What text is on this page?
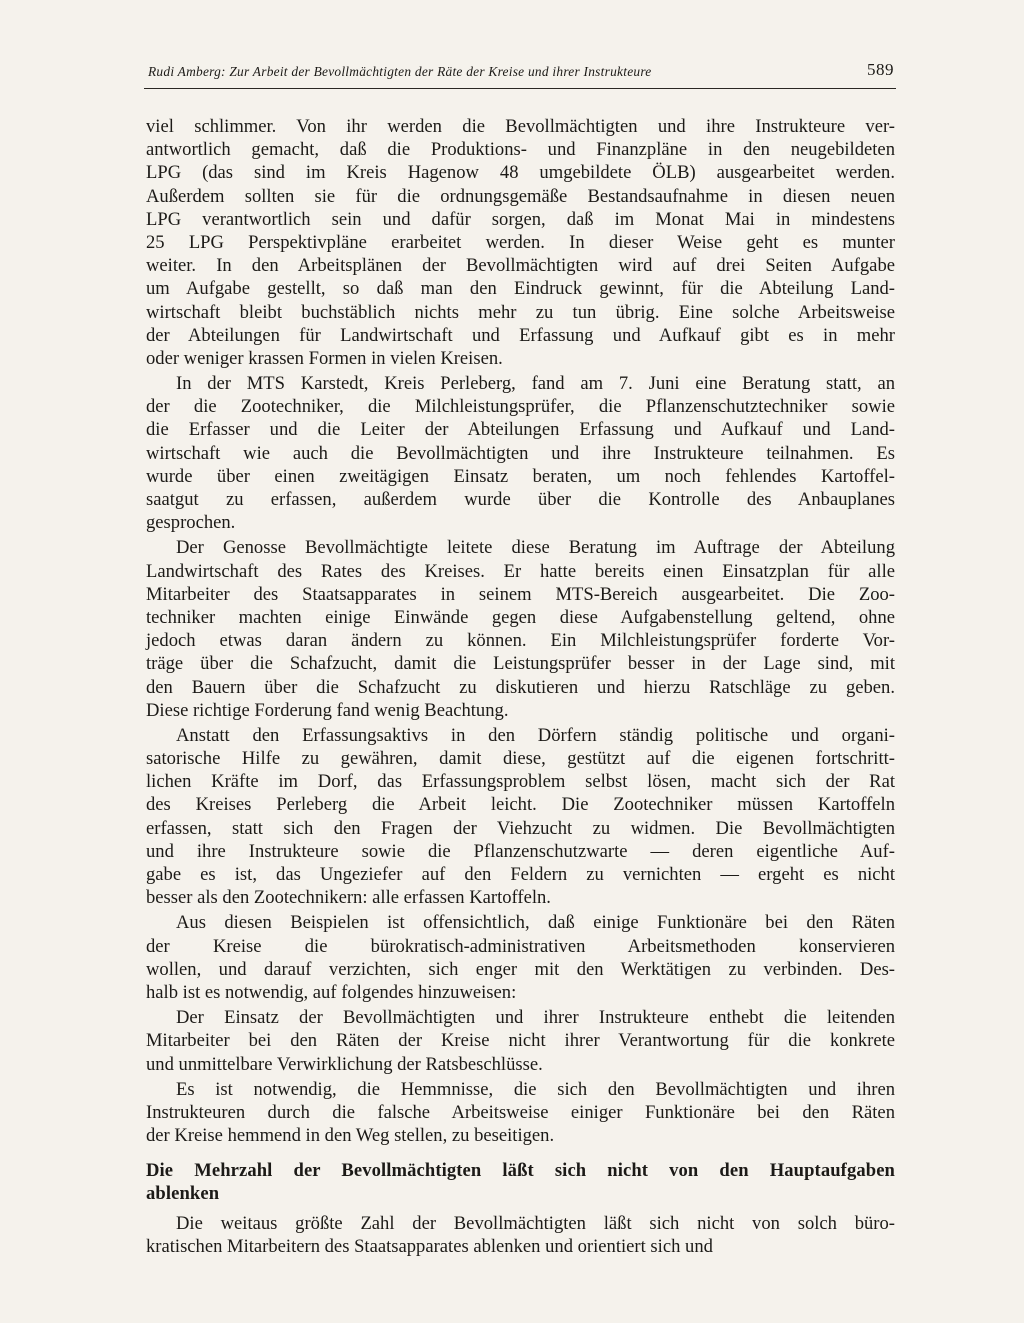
Rudi Amberg: Zur Arbeit der Bevollmächtigten der Räte der Kreise und ihrer Instrukteure	589
viel schlimmer. Von ihr werden die Bevollmächtigten und ihre Instrukteure ver-
antwortlich gemacht, daß die Produktions- und Finanzpläne in den neugebildeten
LPG (das sind im Kreis Hagenow 48 umgebildete ÖLB) ausgearbeitet werden.
Außerdem sollten sie für die ordnungsgemäße Bestandsaufnahme in diesen neuen
LPG verantwortlich sein und dafür sorgen, daß im Monat Mai in mindestens
25 LPG Perspektivpläne erarbeitet werden. In dieser Weise geht es munter
weiter. In den Arbeitsplänen der Bevollmächtigten wird auf drei Seiten Aufgabe
um Aufgabe gestellt, so daß man den Eindruck gewinnt, für die Abteilung Land-
wirtschaft bleibt buchstäblich nichts mehr zu tun übrig. Eine solche Arbeitsweise
der Abteilungen für Landwirtschaft und Erfassung und Aufkauf gibt es in mehr
oder weniger krassen Formen in vielen Kreisen.
In der MTS Karstedt, Kreis Perleberg, fand am 7. Juni eine Beratung statt, an
der die Zootechniker, die Milchleistungsprüfer, die Pflanzenschutztechniker sowie
die Erfasser und die Leiter der Abteilungen Erfassung und Aufkauf und Land-
wirtschaft wie auch die Bevollmächtigten und ihre Instrukteure teilnahmen. Es
wurde über einen zweitägigen Einsatz beraten, um noch fehlendes Kartoffel-
saatgut zu erfassen, außerdem wurde über die Kontrolle des Anbauplanes
gesprochen.
Der Genosse Bevollmächtigte leitete diese Beratung im Auftrage der Abteilung
Landwirtschaft des Rates des Kreises. Er hatte bereits einen Einsatzplan für alle
Mitarbeiter des Staatsapparates in seinem MTS-Bereich ausgearbeitet. Die Zoo-
techniker machten einige Einwände gegen diese Aufgabenstellung geltend, ohne
jedoch etwas daran ändern zu können. Ein Milchleistungsprüfer forderte Vor-
träge über die Schafzucht, damit die Leistungsprüfer besser in der Lage sind, mit
den Bauern über die Schafzucht zu diskutieren und hierzu Ratschläge zu geben.
Diese richtige Forderung fand wenig Beachtung.
Anstatt den Erfassungsaktivs in den Dörfern ständig politische und organi-
satorische Hilfe zu gewähren, damit diese, gestützt auf die eigenen fortschritt-
lichen Kräfte im Dorf, das Erfassungsproblem selbst lösen, macht sich der Rat
des Kreises Perleberg die Arbeit leicht. Die Zootechniker müssen Kartoffeln
erfassen, statt sich den Fragen der Viehzucht zu widmen. Die Bevollmächtigten
und ihre Instrukteure sowie die Pflanzenschutzwarte — deren eigentliche Auf-
gabe es ist, das Ungeziefer auf den Feldern zu vernichten — ergeht es nicht
besser als den Zootechnikern: alle erfassen Kartoffeln.
Aus diesen Beispielen ist offensichtlich, daß einige Funktionäre bei den Räten
der Kreise die bürokratisch-administrativen Arbeitsmethoden konservieren
wollen, und darauf verzichten, sich enger mit den Werktätigen zu verbinden. Des-
halb ist es notwendig, auf folgendes hinzuweisen:
Der Einsatz der Bevollmächtigten und ihrer Instrukteure enthebt die leitenden
Mitarbeiter bei den Räten der Kreise nicht ihrer Verantwortung für die konkrete
und unmittelbare Verwirklichung der Ratsbeschlüsse.
Es ist notwendig, die Hemmnisse, die sich den Bevollmächtigten und ihren
Instrukteuren durch die falsche Arbeitsweise einiger Funktionäre bei den Räten
der Kreise hemmend in den Weg stellen, zu beseitigen.
Die Mehrzahl der Bevollmächtigten läßt sich nicht von den Hauptaufgaben
ablenken
Die weitaus größte Zahl der Bevollmächtigten läßt sich nicht von solch büro-
kratischen Mitarbeitern des Staatsapparates ablenken und orientiert sich und
